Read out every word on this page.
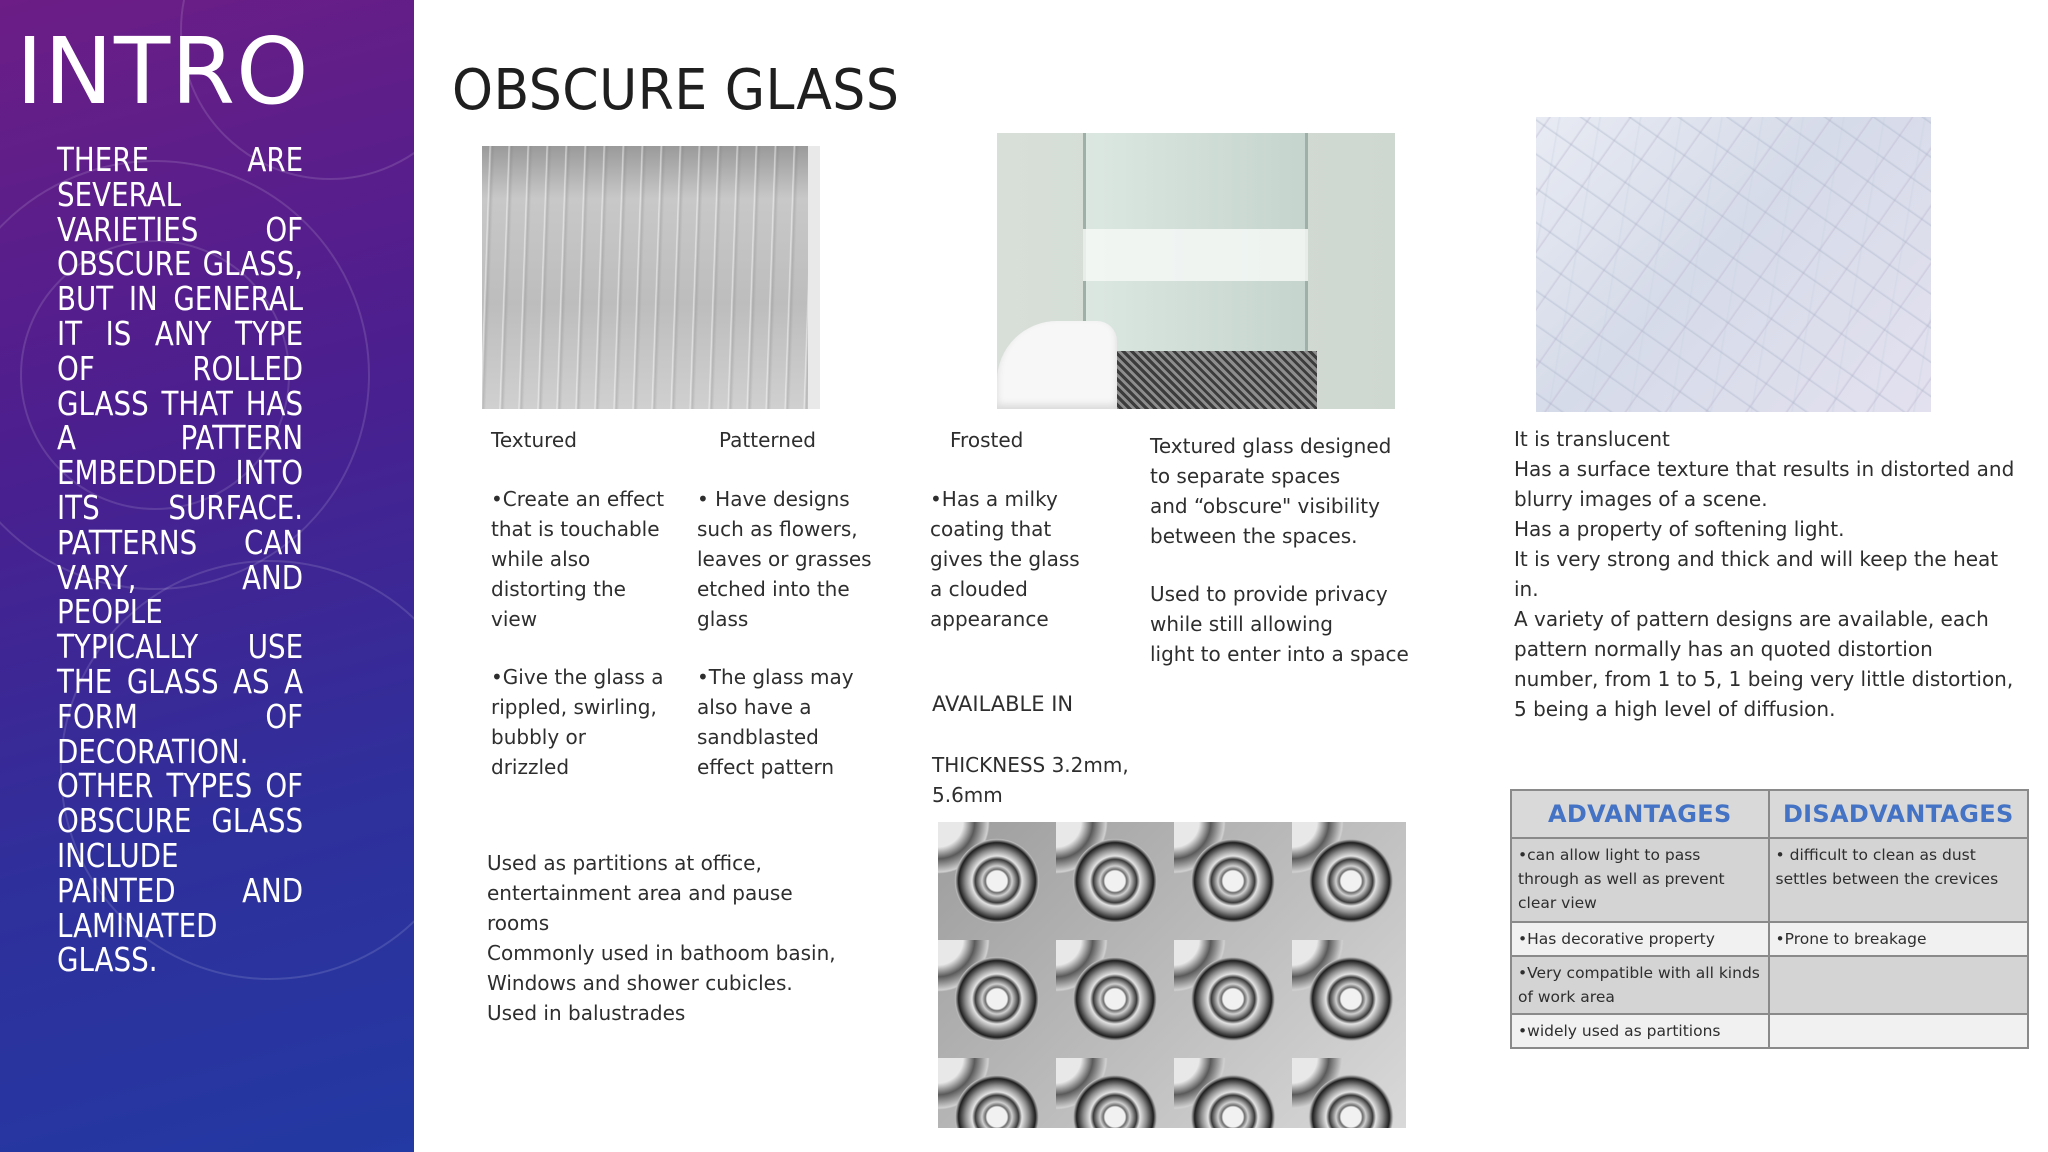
INTRO
THERE ARE SEVERAL VARIETIES OF OBSCURE GLASS, BUT IN GENERAL IT IS ANY TYPE OF ROLLED GLASS THAT HAS A PATTERN EMBEDDED INTO ITS SURFACE. PATTERNS CAN VARY, AND PEOPLE TYPICALLY USE THE GLASS AS A FORM OF DECORATION. OTHER TYPES OF OBSCURE GLASS INCLUDE PAINTED AND LAMINATED GLASS.
OBSCURE GLASS
Textured
•Create an effect
that is touchable
while also
distorting the
view
•Give the glass a
rippled, swirling,
bubbly or
drizzled
Patterned
• Have designs
such as flowers,
leaves or grasses
etched into the
glass
•The glass may
also have a
sandblasted
effect pattern
Frosted
•Has a milky
coating that
gives the glass
a clouded
appearance
AVAILABLE IN
THICKNESS 3.2mm,
5.6mm
Textured glass designed
to separate spaces
and “obscure" visibility
between the spaces.
Used to provide privacy
while still allowing
light to enter into a space
Used as partitions at office,
entertainment area and pause
rooms
Commonly used in bathoom basin,
Windows and shower cubicles.
Used in balustrades
It is translucent
Has a surface texture that results in distorted and
blurry images of a scene.
Has a property of softening light.
It is very strong and thick and will keep the heat
in.
A variety of pattern designs are available, each
pattern normally has an quoted distortion
number, from 1 to 5, 1 being very little distortion,
5 being a high level of diffusion.
ADVANTAGES	DISADVANTAGES
•can allow light to pass through as well as prevent clear view	• difficult to clean as dust settles between the crevices
•Has decorative property	•Prone to breakage
•Very compatible with all kinds of work area	
•widely used as partitions	
